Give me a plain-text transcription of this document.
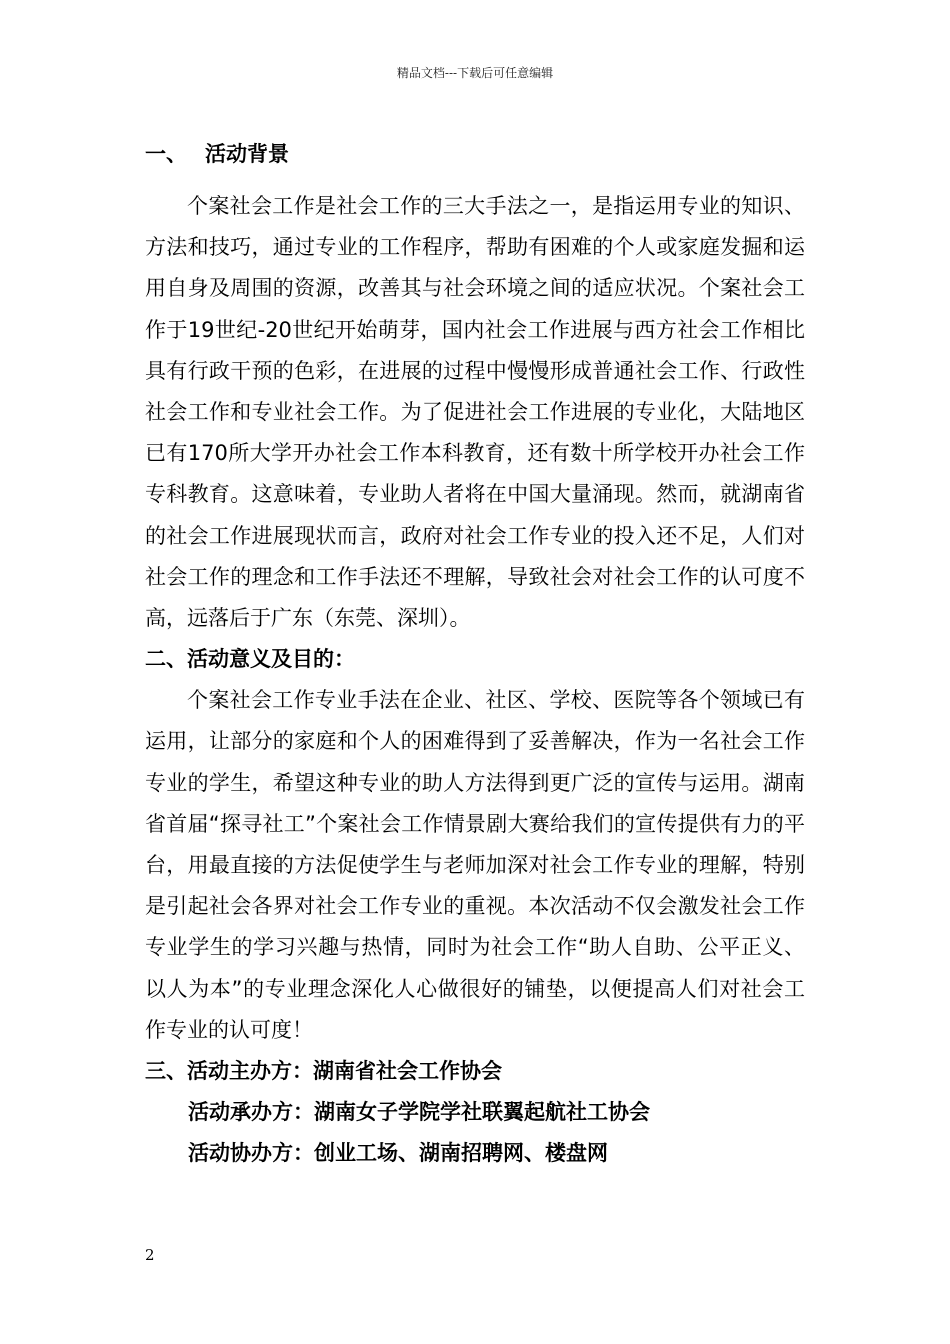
精品文档---下载后可任意编辑
一、 活动背景

个案社会工作是社会工作的三大手法之一，是指运用专业的知识、方法和技巧，通过专业的工作程序，帮助有困难的个人或家庭发掘和运用自身及周围的资源，改善其与社会环境之间的适应状况。个案社会工作于19世纪-20世纪开始萌芽，国内社会工作进展与西方社会工作相比具有行政干预的色彩，在进展的过程中慢慢形成普通社会工作、行政性社会工作和专业社会工作。为了促进社会工作进展的专业化，大陆地区已有170所大学开办社会工作本科教育，还有数十所学校开办社会工作专科教育。这意味着，专业助人者将在中国大量涌现。然而，就湖南省的社会工作进展现状而言，政府对社会工作专业的投入还不足，人们对社会工作的理念和工作手法还不理解，导致社会对社会工作的认可度不高，远落后于广东（东莞、深圳）。

二、活动意义及目的：

个案社会工作专业手法在企业、社区、学校、医院等各个领域已有运用，让部分的家庭和个人的困难得到了妥善解决，作为一名社会工作专业的学生，希望这种专业的助人方法得到更广泛的宣传与运用。湖南省首届“探寻社工”个案社会工作情景剧大赛给我们的宣传提供有力的平台，用最直接的方法促使学生与老师加深对社会工作专业的理解，特别是引起社会各界对社会工作专业的重视。本次活动不仅会激发社会工作专业学生的学习兴趣与热情，同时为社会工作“助人自助、公平正义、以人为本”的专业理念深化人心做很好的铺垫，以便提高人们对社会工作专业的认可度！

三、活动主办方：湖南省社会工作协会
活动承办方：湖南女子学院学社联翼起航社工协会
活动协办方：创业工场、湖南招聘网、楼盘网
2
